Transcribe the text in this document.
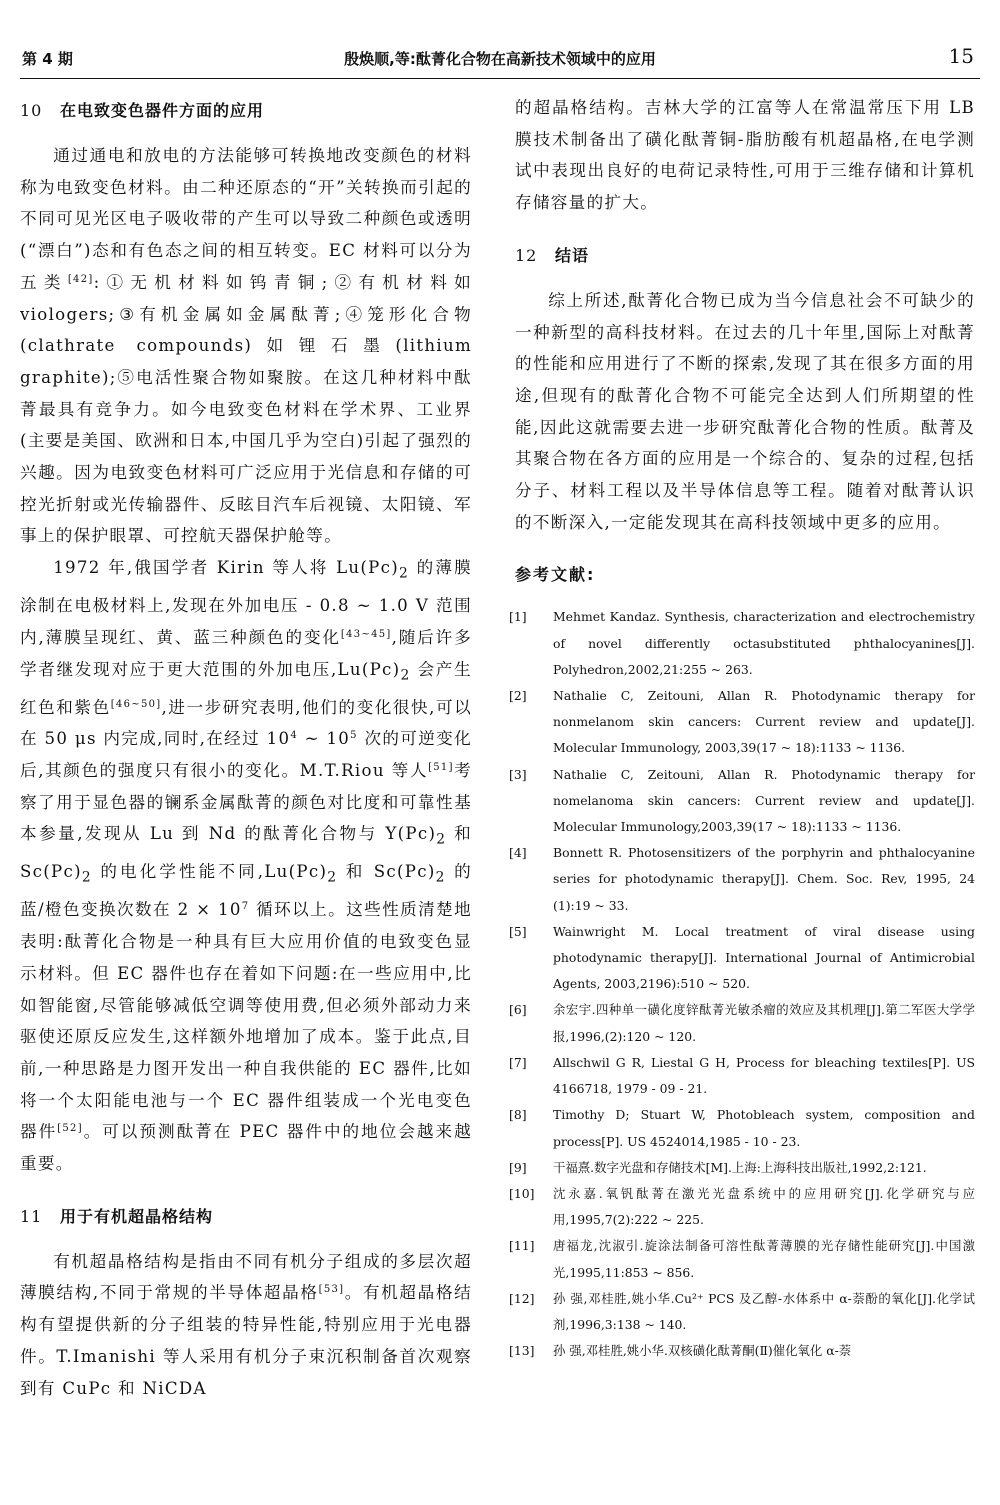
第 4 期	殷焕顺,等:酞菁化合物在高新技术领域中的应用	15
10 在电致变色器件方面的应用

通过通电和放电的方法能够可转换地改变颜色的材料称为电致变色材料。由二种还原态的“开”关转换而引起的不同可见光区电子吸收带的产生可以导致二种颜色或透明(“漂白”)态和有色态之间的相互转变。EC 材料可以分为五类[42]:①无机材料如钨青铜;②有机材料如 viologers;③有机金属如金属酞菁;④笼形化合物(clathrate compounds)如锂石墨(lithium graphite);⑤电活性聚合物如聚胺。在这几种材料中酞菁最具有竞争力。如今电致变色材料在学术界、工业界(主要是美国、欧洲和日本,中国几乎为空白)引起了强烈的兴趣。因为电致变色材料可广泛应用于光信息和存储的可控光折射或光传输器件、反眩目汽车后视镜、太阳镜、军事上的保护眼罩、可控航天器保护舱等。

1972 年,俄国学者 Kirin 等人将 $Lu(Pc)_2$ 的薄膜涂制在电极材料上,发现在外加电压 - 0.8 ~ 1.0 V 范围内,薄膜呈现红、黄、蓝三种颜色的变化[43~45],随后许多学者继发现对应于更大范围的外加电压$,Lu(Pc)_2$ 会产生红色和紫色[46~50],进一步研究表明,他们的变化很快,可以在 50 μs 内完成,同时,在经过 $10^4$ ~ $10^5$ 次的可逆变化后,其颜色的强度只有很小的变化。M.T.Riou 等人[51]考察了用于显色器的镧系金属酞菁的颜色对比度和可靠性基本参量,发现从 Lu 到 Nd 的酞菁化合物与 $Y(Pc)_2$ 和 $Sc(Pc)_2$ 的电化学性能不同$,Lu(Pc)_2$ 和 $Sc(Pc)_2$ 的蓝/橙色变换次数在 $2 \times 10^7$ 循环以上。这些性质清楚地表明:酞菁化合物是一种具有巨大应用价值的电致变色显示材料。但 EC 器件也存在着如下问题:在一些应用中,比如智能窗,尽管能够减低空调等使用费,但必须外部动力来驱使还原反应发生,这样额外地增加了成本。鉴于此点,目前,一种思路是力图开发出一种自我供能的 EC 器件,比如将一个太阳能电池与一个 EC 器件组装成一个光电变色器件[52]。可以预测酞菁在 PEC 器件中的地位会越来越重要。

11 用于有机超晶格结构

有机超晶格结构是指由不同有机分子组成的多层次超薄膜结构,不同于常规的半导体超晶格[53]。有机超晶格结构有望提供新的分子组装的特异性能,特别应用于光电器件。T.Imanishi 等人采用有机分子束沉积制备首次观察到有 CuPc 和 NiCDA

的超晶格结构。吉林大学的江富等人在常温常压下用 LB 膜技术制备出了磺化酞菁铜-脂肪酸有机超晶格,在电学测试中表现出良好的电荷记录特性,可用于三维存储和计算机存储容量的扩大。

12 结语

综上所述,酞菁化合物已成为当今信息社会不可缺少的一种新型的高科技材料。在过去的几十年里,国际上对酞菁的性能和应用进行了不断的探索,发现了其在很多方面的用途,但现有的酞菁化合物不可能完全达到人们所期望的性能,因此这就需要去进一步研究酞菁化合物的性质。酞菁及其聚合物在各方面的应用是一个综合的、复杂的过程,包括分子、材料工程以及半导体信息等工程。随着对酞菁认识的不断深入,一定能发现其在高科技领域中更多的应用。

参考文献:
[1] Mehmet Kandaz. Synthesis, characterization and electrochemistry of novel differently octasubstituted phthalocyanines[J]. Polyhedron,2002,21:255 ~ 263.
[2] Nathalie C, Zeitouni, Allan R. Photodynamic therapy for nonmelanom skin cancers: Current review and update[J]. Molecular Immunology, 2003,39(17 ~ 18):1133 ~ 1136.
[3] Nathalie C, Zeitouni, Allan R. Photodynamic therapy for nomelanoma skin cancers: Current review and update[J]. Molecular Immunology,2003,39(17 ~ 18):1133 ~ 1136.
[4] Bonnett R. Photosensitizers of the porphyrin and phthalocyanine series for photodynamic therapy[J]. Chem. Soc. Rev, 1995, 24 (1):19 ~ 33.
[5] Wainwright M. Local treatment of viral disease using photodynamic therapy[J]. International Journal of Antimicrobial Agents, 2003,2196):510 ~ 520.
[6] 余宏宇.四种单一磺化度锌酞菁光敏杀瘤的效应及其机理[J].第二军医大学学报,1996,(2):120 ~ 120.
[7] Allschwil G R, Liestal G H, Process for bleaching textiles[P]. US 4166718, 1979 - 09 - 21.
[8] Timothy D; Stuart W, Photobleach system, composition and process[P]. US 4524014,1985 - 10 - 23.
[9] 干福熹.数字光盘和存储技术[M].上海:上海科技出版社,1992,2:121.
[10] 沈永嘉.氧钒酞菁在激光光盘系统中的应用研究[J].化学研究与应用,1995,7(2):222 ~ 225.
[11] 唐福龙,沈淑引.旋涂法制备可溶性酞菁薄膜的光存储性能研究[J].中国激光,1995,11:853 ~ 856.
[12] 孙 强,邓桂胜,姚小华.Cu²⁺ PCS 及乙醇-水体系中 α-萘酚的氧化[J].化学试剂,1996,3:138 ~ 140.
[13] 孙 强,邓桂胜,姚小华.双核磺化酞菁酮(Ⅱ)催化氧化 α-萘
